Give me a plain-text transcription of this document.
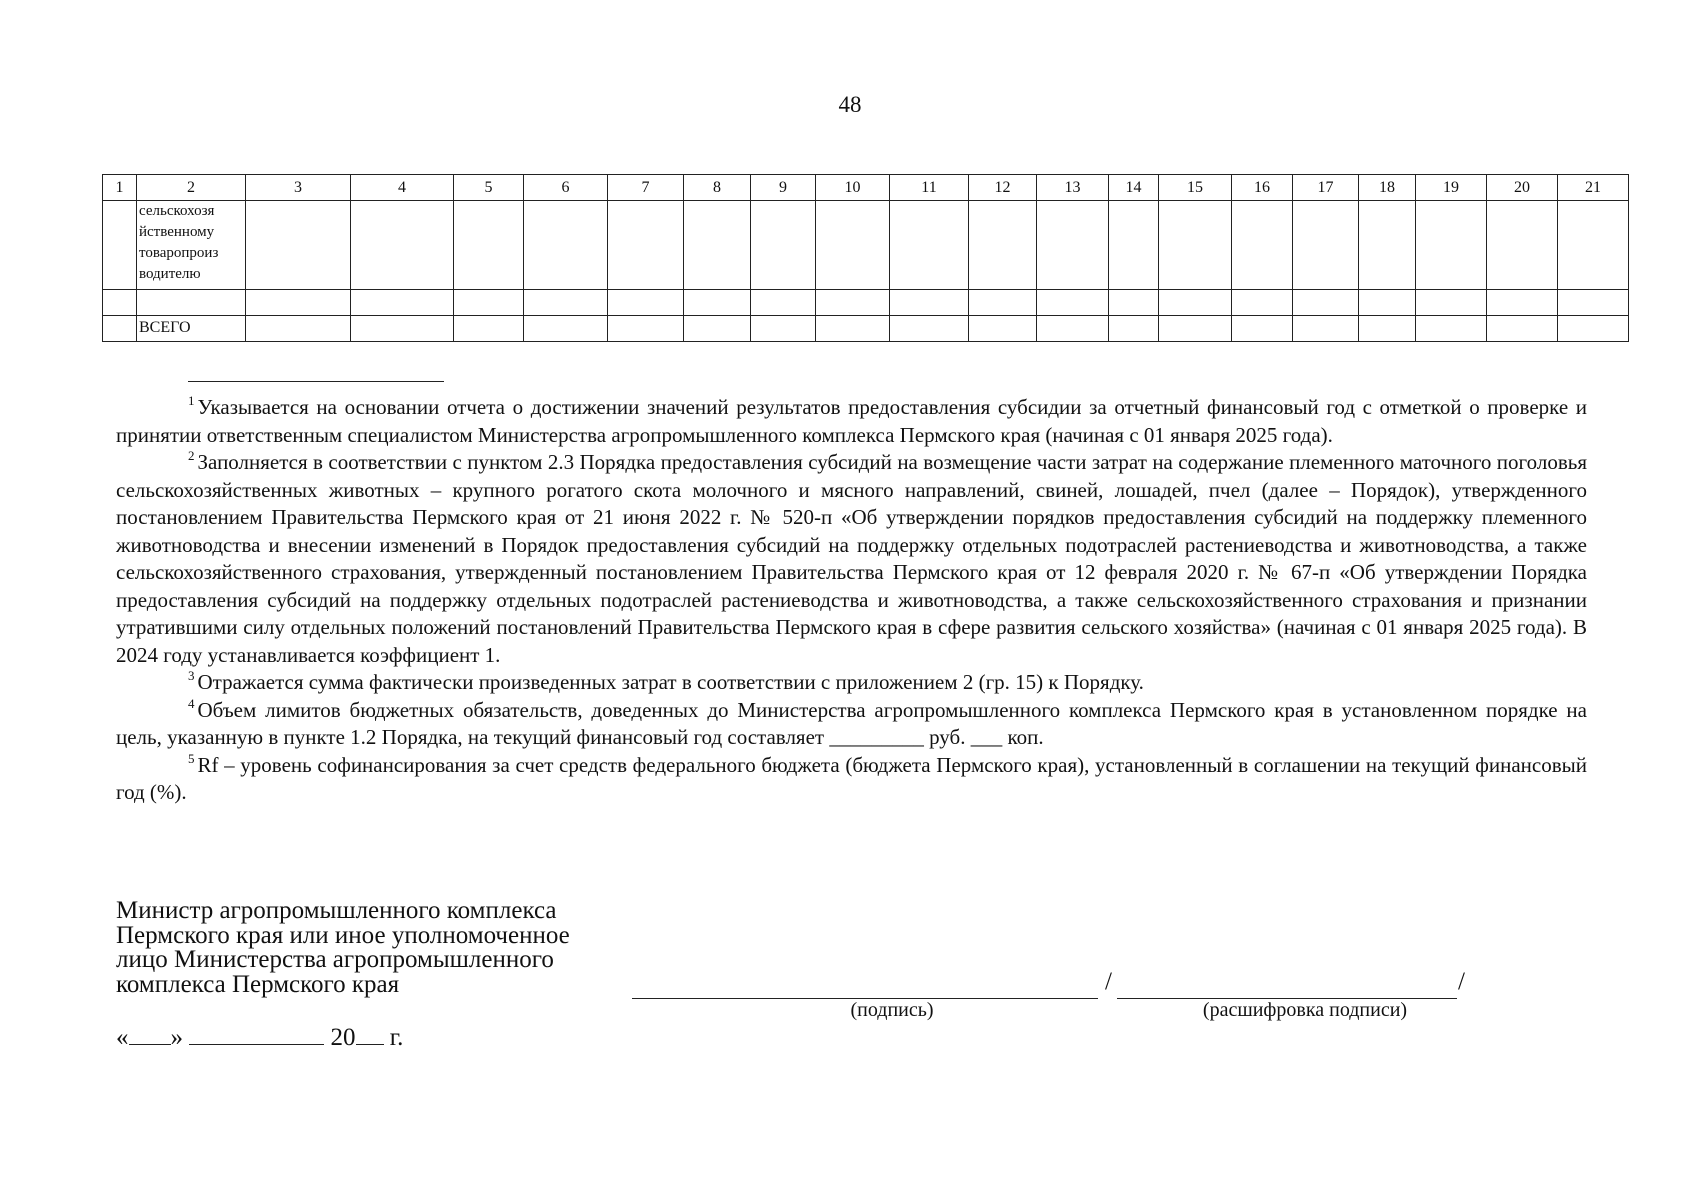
48
1	2	3	4	5	6	7	8	9	10	11	12	13	14	15	16	17	18	19	20	21

	сельскохозя
йственному
товаропроиз
водителю																			

	ВСЕГО																			

$^1$ Указывается на основании отчета о достижении значений результатов предоставления субсидии за отчетный финансовый год с отметкой о проверке и принятии ответственным специалистом Министерства агропромышленного комплекса Пермского края (начиная с 01 января 2025 года).

$^2$ Заполняется в соответствии с пунктом 2.3 Порядка предоставления субсидий на возмещение части затрат на содержание племенного маточного поголовья сельскохозяйственных животных – крупного рогатого скота молочного и мясного направлений, свиней, лошадей, пчел (далее – Порядок), утвержденного постановлением Правительства Пермского края от 21 июня 2022 г. № 520-п «Об утверждении порядков предоставления субсидий на поддержку племенного животноводства и внесении изменений в Порядок предоставления субсидий на поддержку отдельных подотраслей растениеводства и животноводства, а также сельскохозяйственного страхования, утвержденный постановлением Правительства Пермского края от 12 февраля 2020 г. № 67-п «Об утверждении Порядка предоставления субсидий на поддержку отдельных подотраслей растениеводства и животноводства, а также сельскохозяйственного страхования и признании утратившими силу отдельных положений постановлений Правительства Пермского края в сфере развития сельского хозяйства» (начиная с 01 января 2025 года). В 2024 году устанавливается коэффициент 1.

$^3$ Отражается сумма фактически произведенных затрат в соответствии с приложением 2 (гр. 15) к Порядку.

$^4$ Объем лимитов бюджетных обязательств, доведенных до Министерства агропромышленного комплекса Пермского края в установленном порядке на цель, указанную в пункте 1.2 Порядка, на текущий финансовый год составляет _________ руб. ___ коп.

$^5$ Rf – уровень софинансирования за счет средств федерального бюджета (бюджета Пермского края), установленный в соглашении на текущий финансовый год (%).

Министр агропромышленного комплекса
Пермского края или иное уполномоченное
лицо Министерства агропромышленного
комплекса Пермского края	/	/
(подпись)	(расшифровка подписи)
« »	20 г.
